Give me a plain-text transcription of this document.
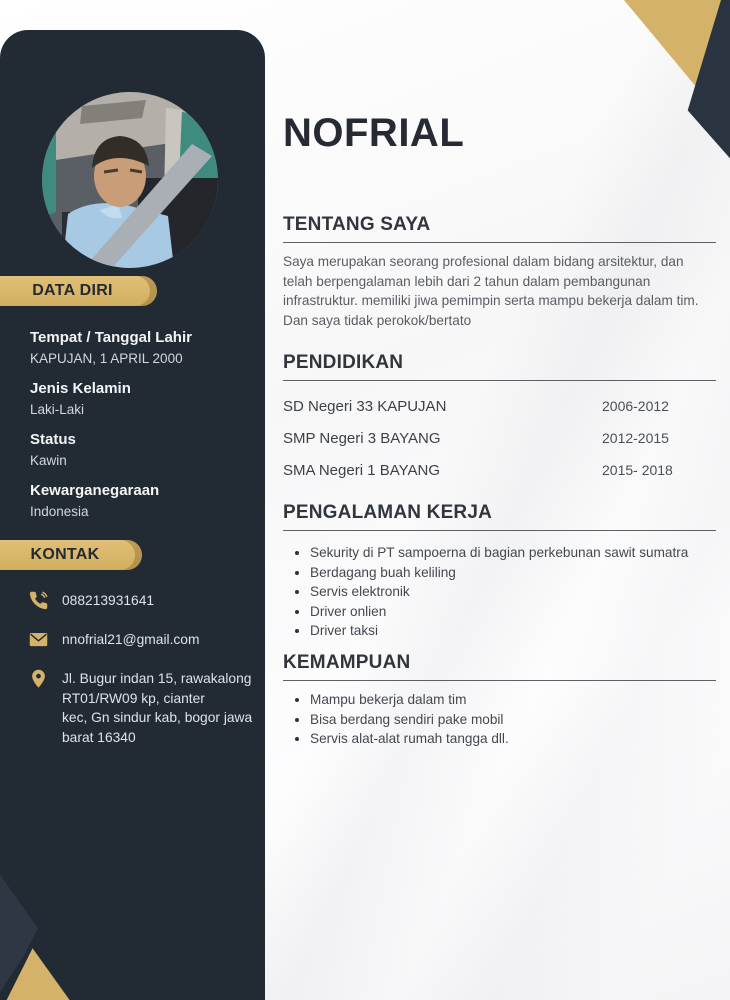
DATA DIRI
Tempat / Tanggal Lahir
KAPUJAN, 1 APRIL 2000
Jenis Kelamin
Laki-Laki
Status
Kawin
Kewarganegaraan
Indonesia
KONTAK
088213931641
nnofrial21@gmail.com
Jl. Bugur indan 15, rawakalong
RT01/RW09 kp, cianter
kec, Gn sindur kab, bogor jawa
barat 16340
NOFRIAL
TENTANG SAYA

Saya merupakan seorang profesional dalam bidang arsitektur, dan telah berpengalaman lebih dari 2 tahun dalam pembangunan infrastruktur. memiliki jiwa pemimpin serta mampu bekerja dalam tim. Dan saya tidak perokok/bertato

PENDIDIKAN
SD Negeri 33 KAPUJAN	2006-2012
SMP Negeri 3 BAYANG	2012-2015
SMA Negeri 1 BAYANG	2015- 2018
PENGALAMAN KERJA
• Sekurity di PT sampoerna di bagian perkebunan sawit sumatra
• Berdagang buah keliling
• Servis elektronik
• Driver onlien
• Driver taksi
KEMAMPUAN
• Mampu bekerja dalam tim
• Bisa berdang sendiri pake mobil
• Servis alat-alat rumah tangga dll.
